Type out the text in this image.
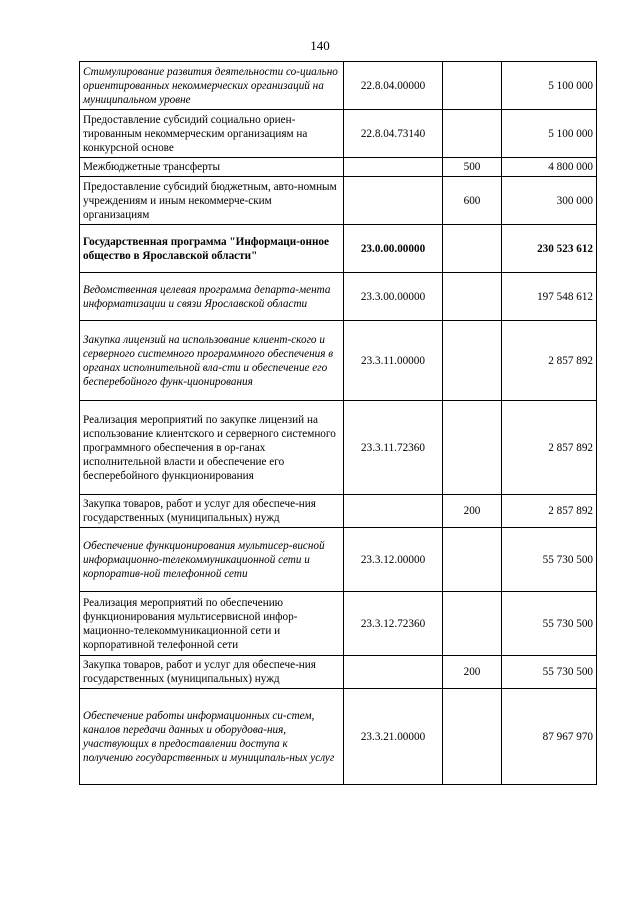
140
Стимулирование развития деятельности со-циально ориентированных некоммерческих организаций на муниципальном уровне	22.8.04.00000		5 100 000
Предоставление субсидий социально ориен-тированным некоммерческим организациям на конкурсной основе	22.8.04.73140		5 100 000
Межбюджетные трансферты		500	4 800 000
Предоставление субсидий бюджетным, авто-номным учреждениям и иным некоммерче-ским организациям		600	300 000
Государственная программа "Информаци-онное общество в Ярославской области"	23.0.00.00000		230 523 612
Ведомственная целевая программа департа-мента информатизации и связи Ярославской области	23.3.00.00000		197 548 612
Закупка лицензий на использование клиент-ского и серверного системного программного обеспечения в органах исполнительной вла-сти и обеспечение его бесперебойного функ-ционирования	23.3.11.00000		2 857 892
Реализация мероприятий по закупке лицензий на использование клиентского и серверного системного программного обеспечения в ор-ганах исполнительной власти и обеспечение его бесперебойного функционирования	23.3.11.72360		2 857 892
Закупка товаров, работ и услуг для обеспече-ния государственных (муниципальных) нужд		200	2 857 892
Обеспечение функционирования мультисер-висной информационно-телекоммуникационной сети и корпоратив-ной телефонной сети	23.3.12.00000		55 730 500
Реализация мероприятий по обеспечению функционирования мультисервисной инфор-мационно-телекоммуникационной сети и корпоративной телефонной сети	23.3.12.72360		55 730 500
Закупка товаров, работ и услуг для обеспече-ния государственных (муниципальных) нужд		200	55 730 500
Обеспечение работы информационных си-стем, каналов передачи данных и оборудова-ния, участвующих в предоставлении доступа к получению государственных и муниципаль-ных услуг	23.3.21.00000		87 967 970
